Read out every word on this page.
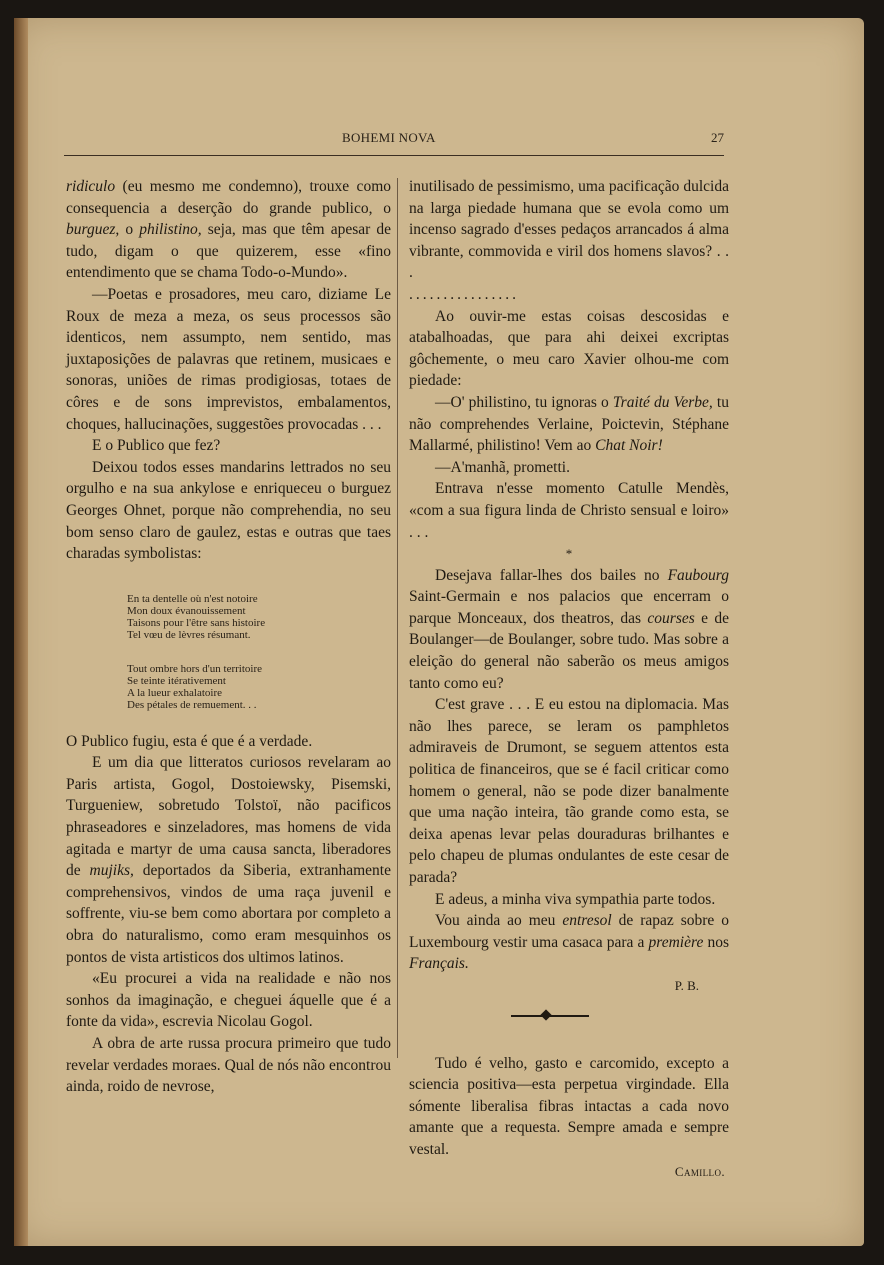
BOHEMI NOVA	27

ridiculo (eu mesmo me condemno), trouxe como consequencia a deserção do grande publico, o burguez, o philistino, seja, mas que têm apesar de tudo, digam o que quizerem, esse «fino entendimento que se chama Todo-o-Mundo».

—Poetas e prosadores, meu caro, diziame Le Roux de meza a meza, os seus processos são identicos, nem assumpto, nem sentido, mas juxtaposições de palavras que retinem, musicaes e sonoras, uniões de rimas prodigiosas, totaes de côres e de sons imprevistos, embalamentos, choques, hallucinações, suggestões provocadas . . .

E o Publico que fez?

Deixou todos esses mandarins lettrados no seu orgulho e na sua ankylose e enriqueceu o burguez Georges Ohnet, porque não comprehendia, no seu bom senso claro de gaulez, estas e outras que taes charadas symbolistas:

En ta dentelle où n'est notoire
Mon doux évanouissement
Taisons pour l'être sans histoire
Tel vœu de lèvres résumant.
Tout ombre hors d'un territoire
Se teinte itérativement
A la lueur exhalatoire
Des pétales de remuement. . .

O Publico fugiu, esta é que é a verdade.

E um dia que litteratos curiosos revelaram ao Paris artista, Gogol, Dostoiewsky, Pisemski, Turgueniew, sobretudo Tolstoï, não pacificos phraseadores e sinzeladores, mas homens de vida agitada e martyr de uma causa sancta, liberadores de mujiks, deportados da Siberia, extranhamente comprehensivos, vindos de uma raça juvenil e soffrente, viu-se bem como abortara por completo a obra do naturalismo, como eram mesquinhos os pontos de vista artisticos dos ultimos latinos.

«Eu procurei a vida na realidade e não nos sonhos da imaginação, e cheguei áquelle que é a fonte da vida», escrevia Nicolau Gogol.

A obra de arte russa procura primeiro que tudo revelar verdades moraes. Qual de nós não encontrou ainda, roido de nevrose,

inutilisado de pessimismo, uma pacificação dulcida na larga piedade humana que se evola como um incenso sagrado d'esses pedaços arrancados á alma vibrante, commovida e viril dos homens slavos? . . .

................

Ao ouvir-me estas coisas descosidas e atabalhoadas, que para ahi deixei excriptas gôchemente, o meu caro Xavier olhou-me com piedade:

—O' philistino, tu ignoras o Traité du Verbe, tu não comprehendes Verlaine, Poictevin, Stéphane Mallarmé, philistino! Vem ao Chat Noir!

—A'manhã, prometti.

Entrava n'esse momento Catulle Mendès, «com a sua figura linda de Christo sensual e loiro» . . .

*

Desejava fallar-lhes dos bailes no Faubourg Saint-Germain e nos palacios que encerram o parque Monceaux, dos theatros, das courses e de Boulanger—de Boulanger, sobre tudo. Mas sobre a eleição do general não saberão os meus amigos tanto como eu?

C'est grave . . . E eu estou na diplomacia. Mas não lhes parece, se leram os pamphletos admiraveis de Drumont, se seguem attentos esta politica de financeiros, que se é facil criticar como homem o general, não se pode dizer banalmente que uma nação inteira, tão grande como esta, se deixa apenas levar pelas douraduras brilhantes e pelo chapeu de plumas ondulantes de este cesar de parada?

E adeus, a minha viva sympathia parte todos.

Vou ainda ao meu entresol de rapaz sobre o Luxembourg vestir uma casaca para a première nos Français.

P. B.

Tudo é velho, gasto e carcomido, excepto a sciencia positiva—esta perpetua virgindade. Ella sómente liberalisa fibras intactas a cada novo amante que a requesta. Sempre amada e sempre vestal.

Camillo.
